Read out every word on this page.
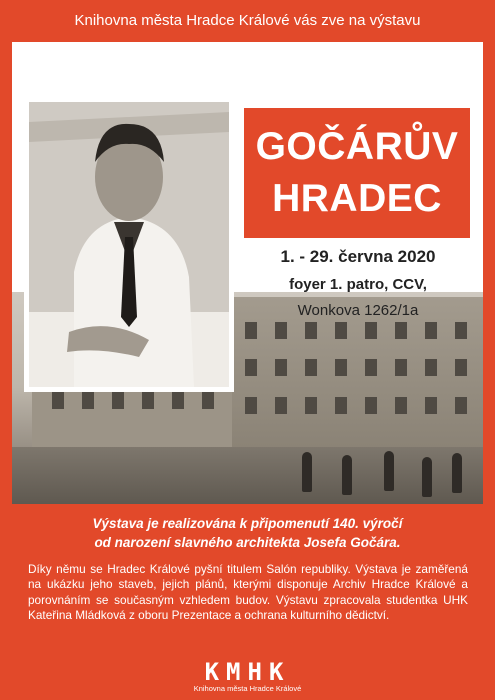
Knihovna města Hradce Králové vás zve na výstavu
GOČÁRŮV
HRADEC
1. - 29. června 2020
foyer 1. patro, CCV,
Wonkova 1262/1a
Výstava je realizována k připomenutí 140. výročí
od narození slavného architekta Josefa Gočára.
Díky němu se Hradec Králové pyšní titulem Salón republiky. Výstava je zaměřená na ukázku jeho staveb, jejich plánů, kterými disponuje Archiv Hradce Králové a porovnáním se současným vzhledem budov. Výstavu zpracovala studentka UHK Kateřina Mládková z oboru Prezentace a ochrana kulturního dědictví.
KMHK
Knihovna města Hradce Králové
